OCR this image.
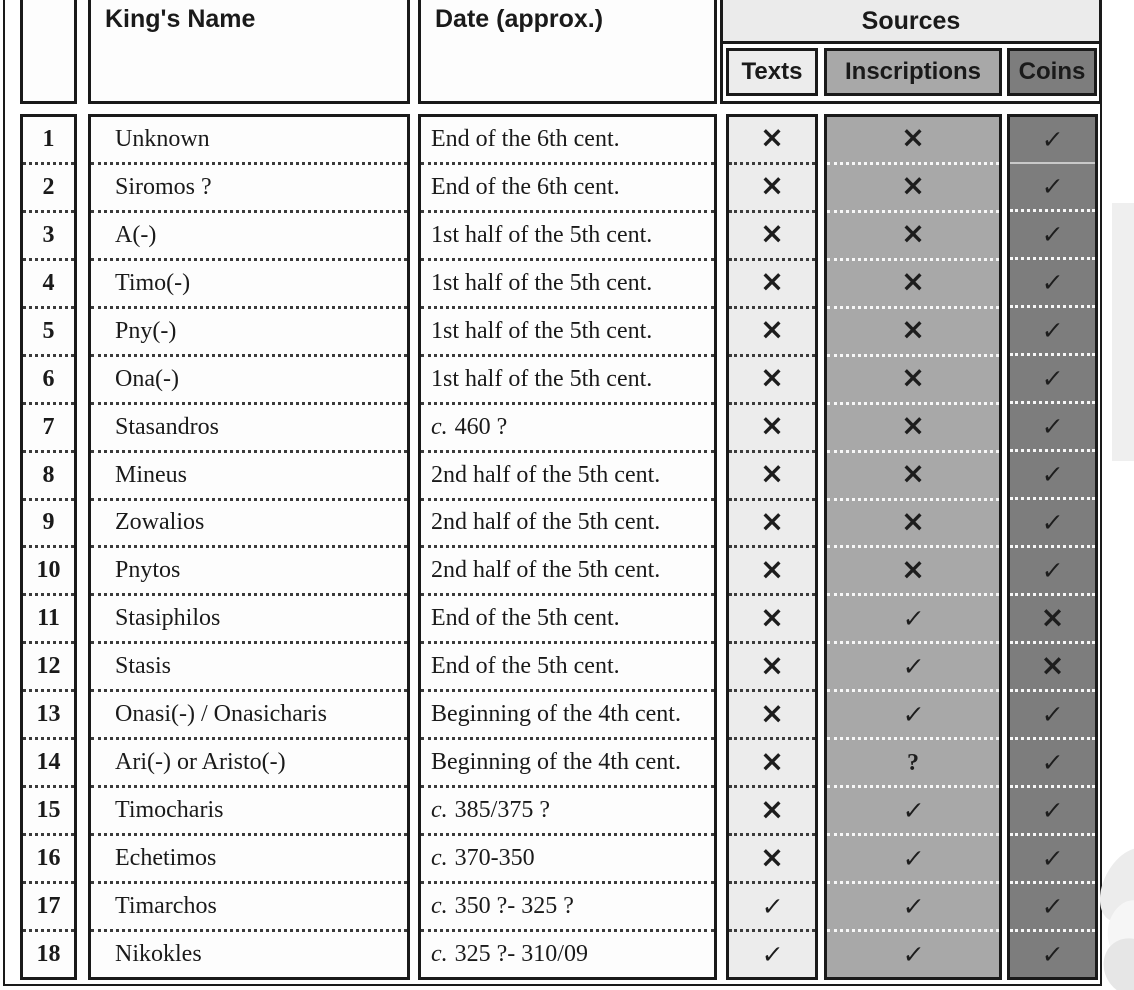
King's Name	Date (approx.)	Sources
Texts Inscriptions Coins
1
2
3
4
5
6
7
8
9
10
11
12
13
14
15
16
17
18
Unknown
Siromos ?
A(-)
Timo(-)
Pny(-)
Ona(-)
Stasandros
Mineus
Zowalios
Pnytos
Stasiphilos
Stasis
Onasi(-) / Onasicharis
Ari(-) or Aristo(-)
Timocharis
Echetimos
Timarchos
Nikokles
End of the 6th cent.
End of the 6th cent.
1st half of the 5th cent.
1st half of the 5th cent.
1st half of the 5th cent.
1st half of the 5th cent.
c. 460 ?
2nd half of the 5th cent.
2nd half of the 5th cent.
2nd half of the 5th cent.
End of the 5th cent.
End of the 5th cent.
Beginning of the 4th cent.
Beginning of the 4th cent.
c. 385/375 ?
c. 370-350
c. 350 ?- 325 ?
c. 325 ?- 310/09
×
×
×
×
×
×
×
×
×
×
×
×
×
×
×
×
✓
✓
×
×
×
×
×
×
×
×
×
×
✓
✓
✓
?
✓
✓
✓
✓
✓
✓
✓
✓
✓
✓
✓
✓
✓
✓
×
×
✓
✓
✓
✓
✓
✓
